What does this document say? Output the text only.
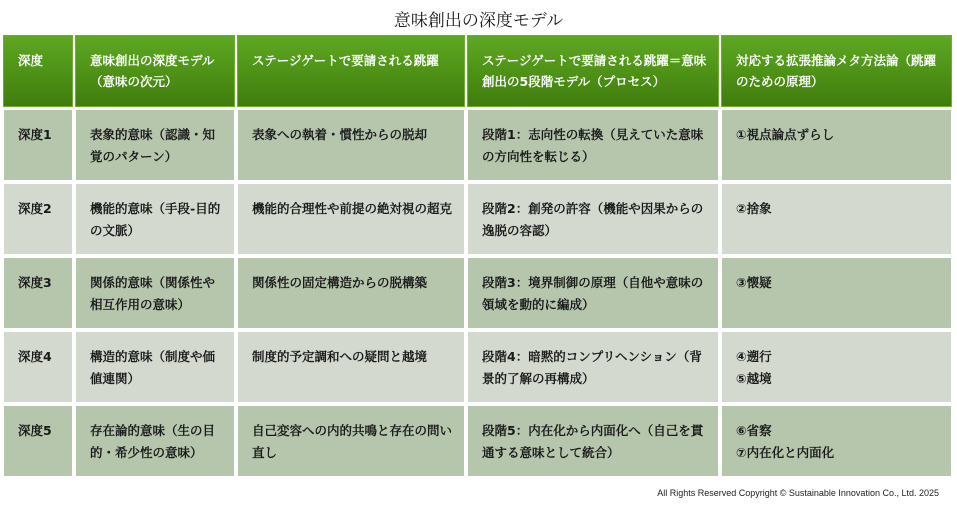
意味創出の深度モデル
深度	意味創出の深度モデル（意味の次元）	ステージゲートで要請される跳躍	ステージゲートで要請される跳躍＝意味創出の5段階モデル（プロセス）	対応する拡張推論メタ方法論（跳躍のための原理）
深度1	表象的意味（認識・知覚のパターン）	表象への執着・慣性からの脱却	段階1：志向性の転換（見えていた意味の方向性を転じる）	①視点論点ずらし
深度2	機能的意味（手段-目的の文脈）	機能的合理性や前提の絶対視の超克	段階2：創発の許容（機能や因果からの逸脱の容認）	②捨象
深度3	関係的意味（関係性や相互作用の意味）	関係性の固定構造からの脱構築	段階3：境界制御の原理（自他や意味の領域を動的に編成）	③懐疑
深度4	構造的意味（制度や価値連関）	制度的予定調和への疑問と越境	段階4：暗黙的コンプリヘンション（背景的了解の再構成）	④遡行
⑤越境
深度5	存在論的意味（生の目的・希少性の意味）	自己変容への内的共鳴と存在の問い直し	段階5：内在化から内面化へ（自己を貫通する意味として統合）	⑥省察
⑦内在化と内面化
All Rights Reserved Copyright © Sustainable Innovation Co., Ltd. 2025
